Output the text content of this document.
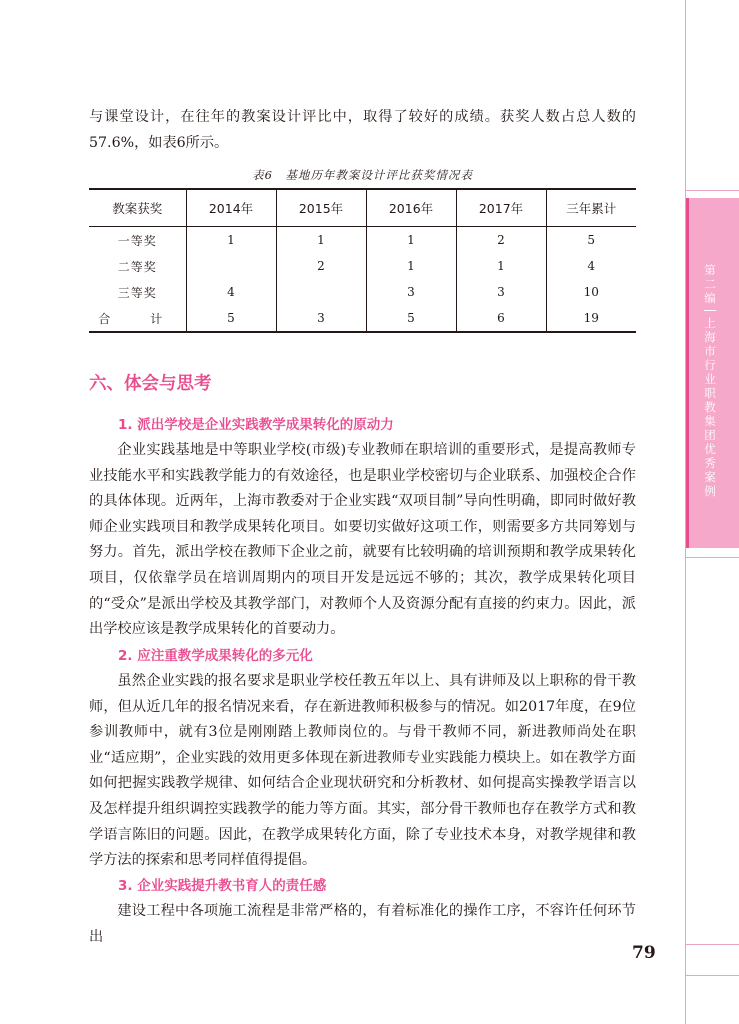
第
二
编
上
海
市
行
业
职
教
集
团
优
秀
案
例

与课堂设计，在往年的教案设计评比中，取得了较好的成绩。获奖人数占总人数的57.6%，如表6所示。

表6　基地历年教案设计评比获奖情况表
教案获奖	2014年	2015年	2016年	2017年	三年累计
一等奖	1	1	1	2	5
二等奖		2	1	1	4
三等奖	4		3	3	10
合　计	5	3	5	6	19
六、体会与思考
1. 派出学校是企业实践教学成果转化的原动力

企业实践基地是中等职业学校(市级)专业教师在职培训的重要形式，是提高教师专业技能水平和实践教学能力的有效途径，也是职业学校密切与企业联系、加强校企合作的具体体现。近两年，上海市教委对于企业实践“双项目制”导向性明确，即同时做好教师企业实践项目和教学成果转化项目。如要切实做好这项工作，则需要多方共同筹划与努力。首先，派出学校在教师下企业之前，就要有比较明确的培训预期和教学成果转化项目，仅依靠学员在培训周期内的项目开发是远远不够的；其次，教学成果转化项目的“受众”是派出学校及其教学部门，对教师个人及资源分配有直接的约束力。因此，派出学校应该是教学成果转化的首要动力。

2. 应注重教学成果转化的多元化

虽然企业实践的报名要求是职业学校任教五年以上、具有讲师及以上职称的骨干教师，但从近几年的报名情况来看，存在新进教师积极参与的情况。如2017年度，在9位参训教师中，就有3位是刚刚踏上教师岗位的。与骨干教师不同，新进教师尚处在职业“适应期”，企业实践的效用更多体现在新进教师专业实践能力模块上。如在教学方面如何把握实践教学规律、如何结合企业现状研究和分析教材、如何提高实操教学语言以及怎样提升组织调控实践教学的能力等方面。其实，部分骨干教师也存在教学方式和教学语言陈旧的问题。因此，在教学成果转化方面，除了专业技术本身，对教学规律和教学方法的探索和思考同样值得提倡。

3. 企业实践提升教书育人的责任感

建设工程中各项施工流程是非常严格的，有着标准化的操作工序，不容许任何环节出

79
